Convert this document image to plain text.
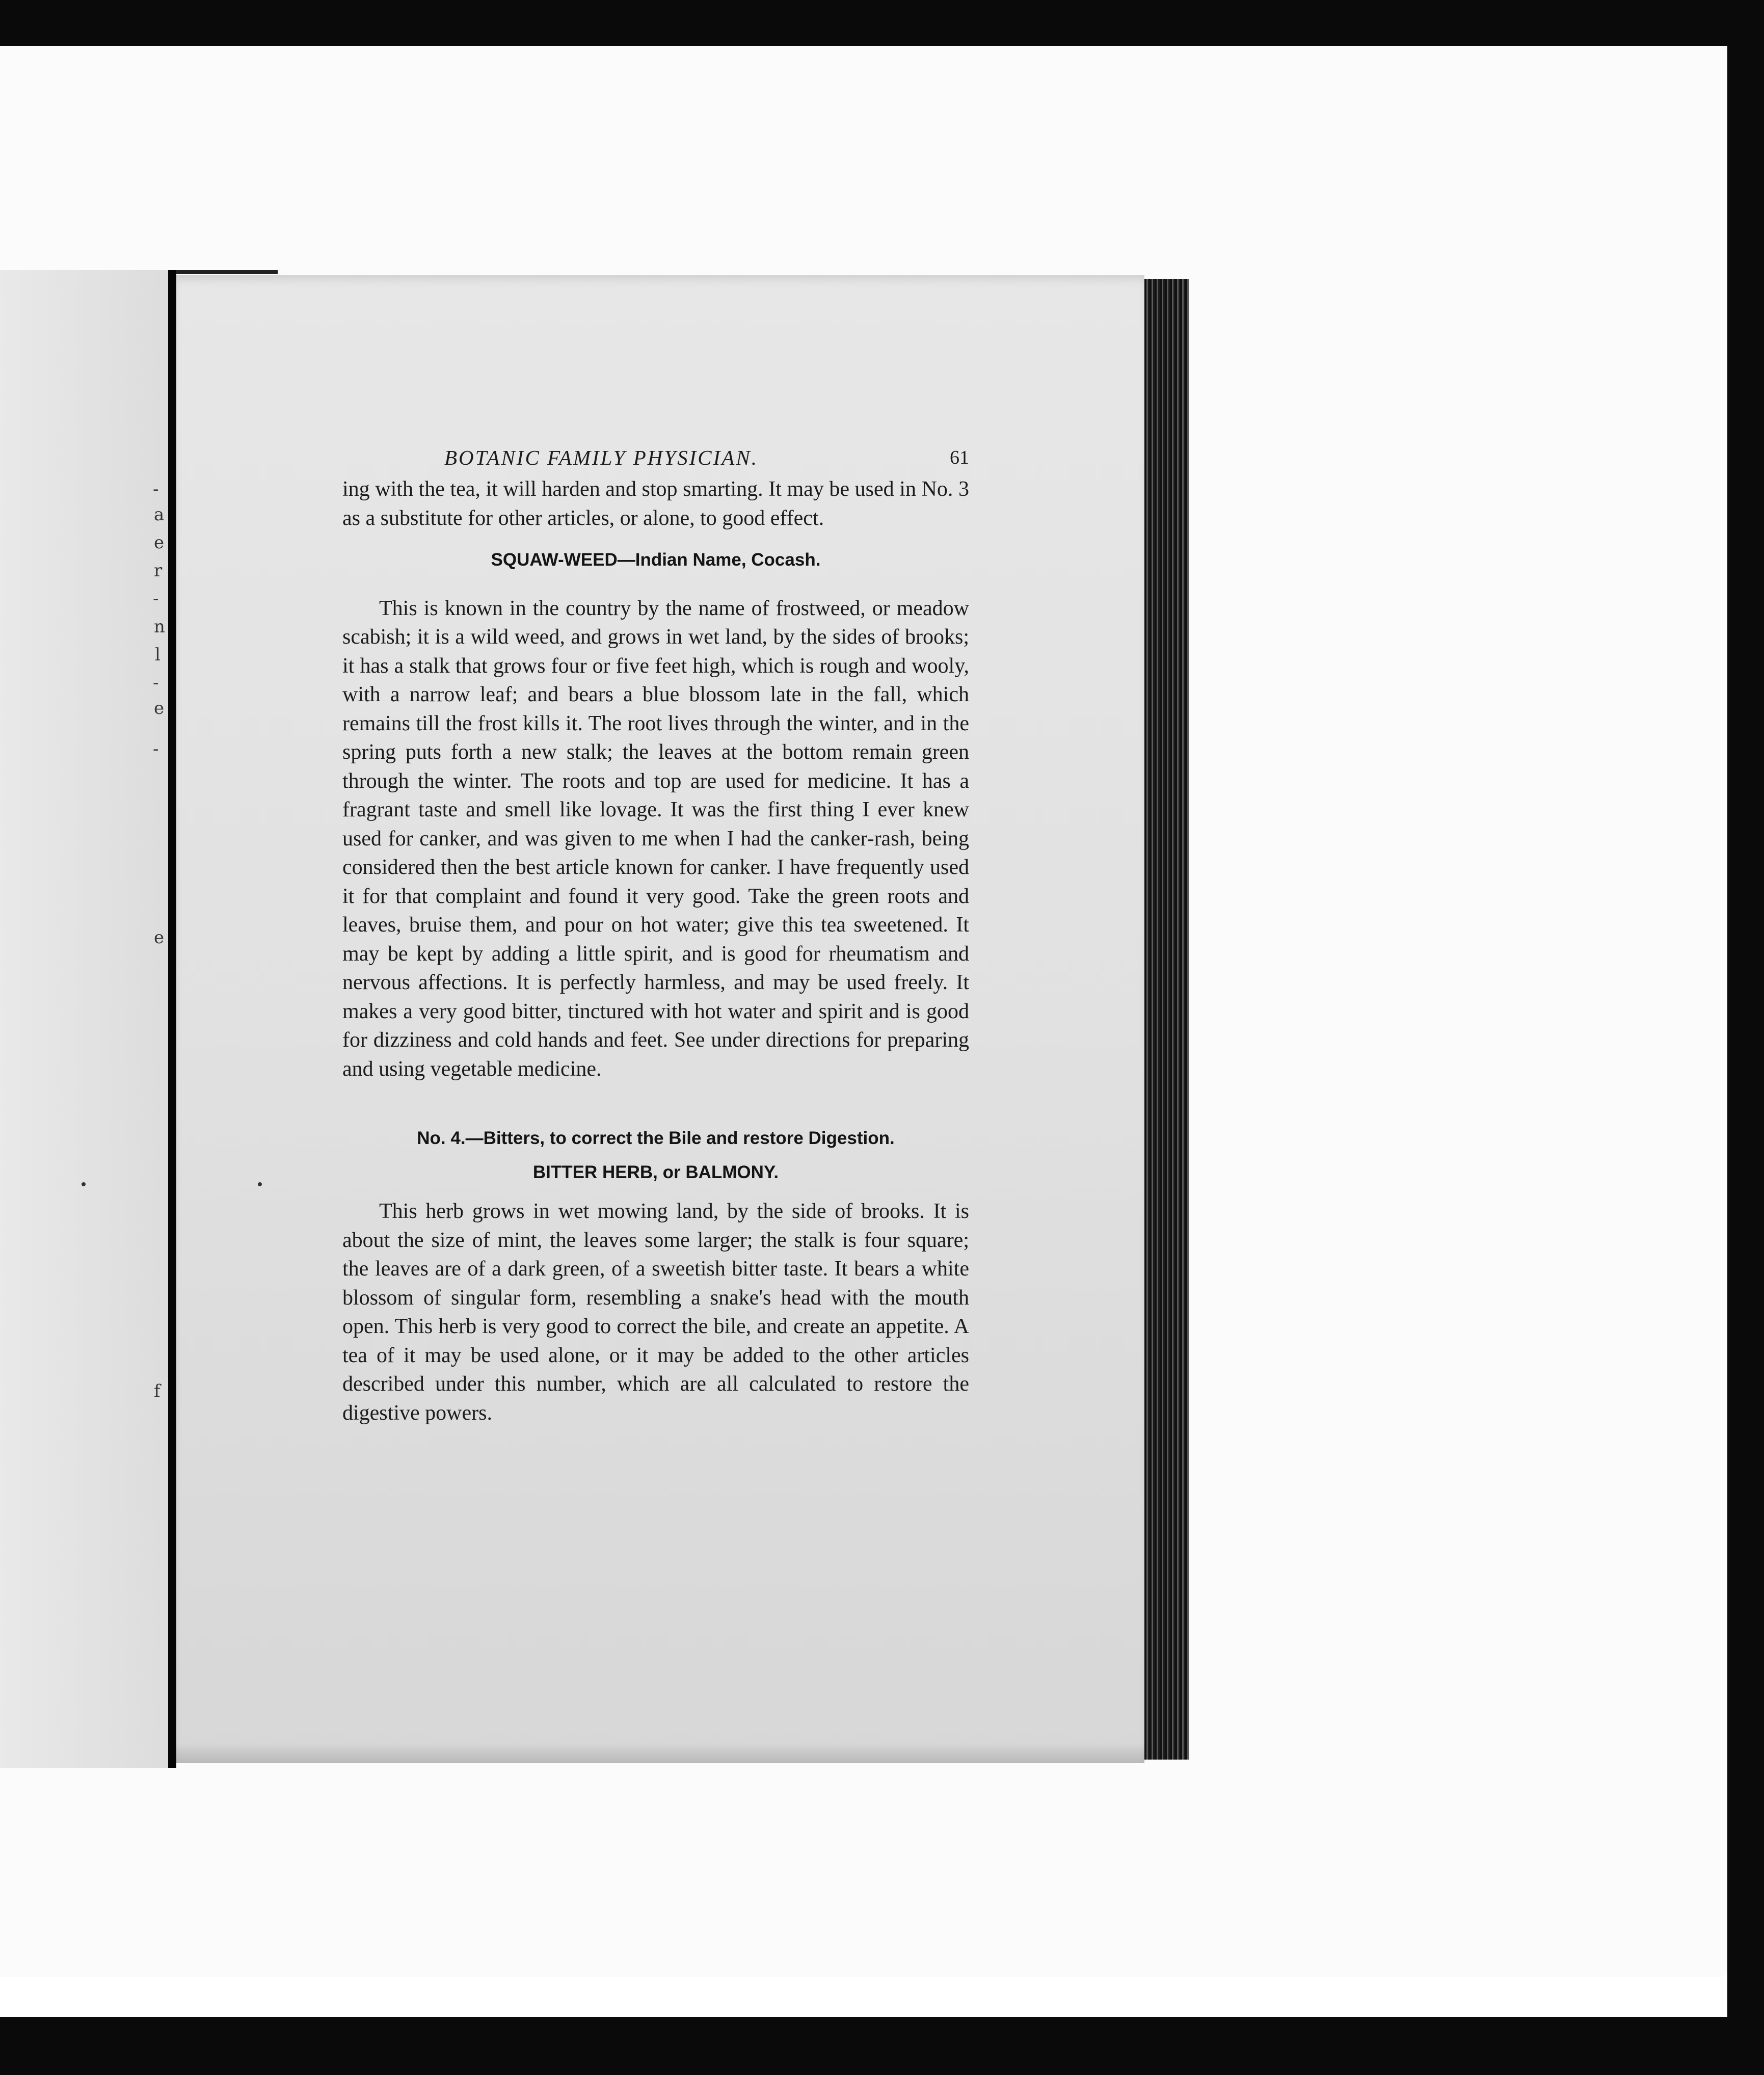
-
a
e
r
-
n
l
-
e
-
e
f
BOTANIC FAMILY PHYSICIAN.	61

ing with the tea, it will harden and stop smarting. It may be used in No. 3 as a substitute for other articles, or alone, to good effect.

SQUAW-WEED—Indian Name, Cocash.

This is known in the country by the name of frostweed, or meadow scabish; it is a wild weed, and grows in wet land, by the sides of brooks; it has a stalk that grows four or five feet high, which is rough and wooly, with a narrow leaf; and bears a blue blossom late in the fall, which remains till the frost kills it. The root lives through the winter, and in the spring puts forth a new stalk; the leaves at the bottom remain green through the winter. The roots and top are used for medicine. It has a fragrant taste and smell like lovage. It was the first thing I ever knew used for canker, and was given to me when I had the canker-rash, being considered then the best article known for canker. I have frequently used it for that complaint and found it very good. Take the green roots and leaves, bruise them, and pour on hot water; give this tea sweetened. It may be kept by adding a little spirit, and is good for rheumatism and nervous affections. It is perfectly harmless, and may be used freely. It makes a very good bitter, tinctured with hot water and spirit and is good for dizziness and cold hands and feet. See under directions for preparing and using vegetable medicine.

No. 4.—Bitters, to correct the Bile and restore Digestion.
BITTER HERB, or BALMONY.

This herb grows in wet mowing land, by the side of brooks. It is about the size of mint, the leaves some larger; the stalk is four square; the leaves are of a dark green, of a sweetish bitter taste. It bears a white blossom of singular form, resembling a snake's head with the mouth open. This herb is very good to correct the bile, and create an appetite. A tea of it may be used alone, or it may be added to the other articles described under this number, which are all calculated to restore the digestive powers.
